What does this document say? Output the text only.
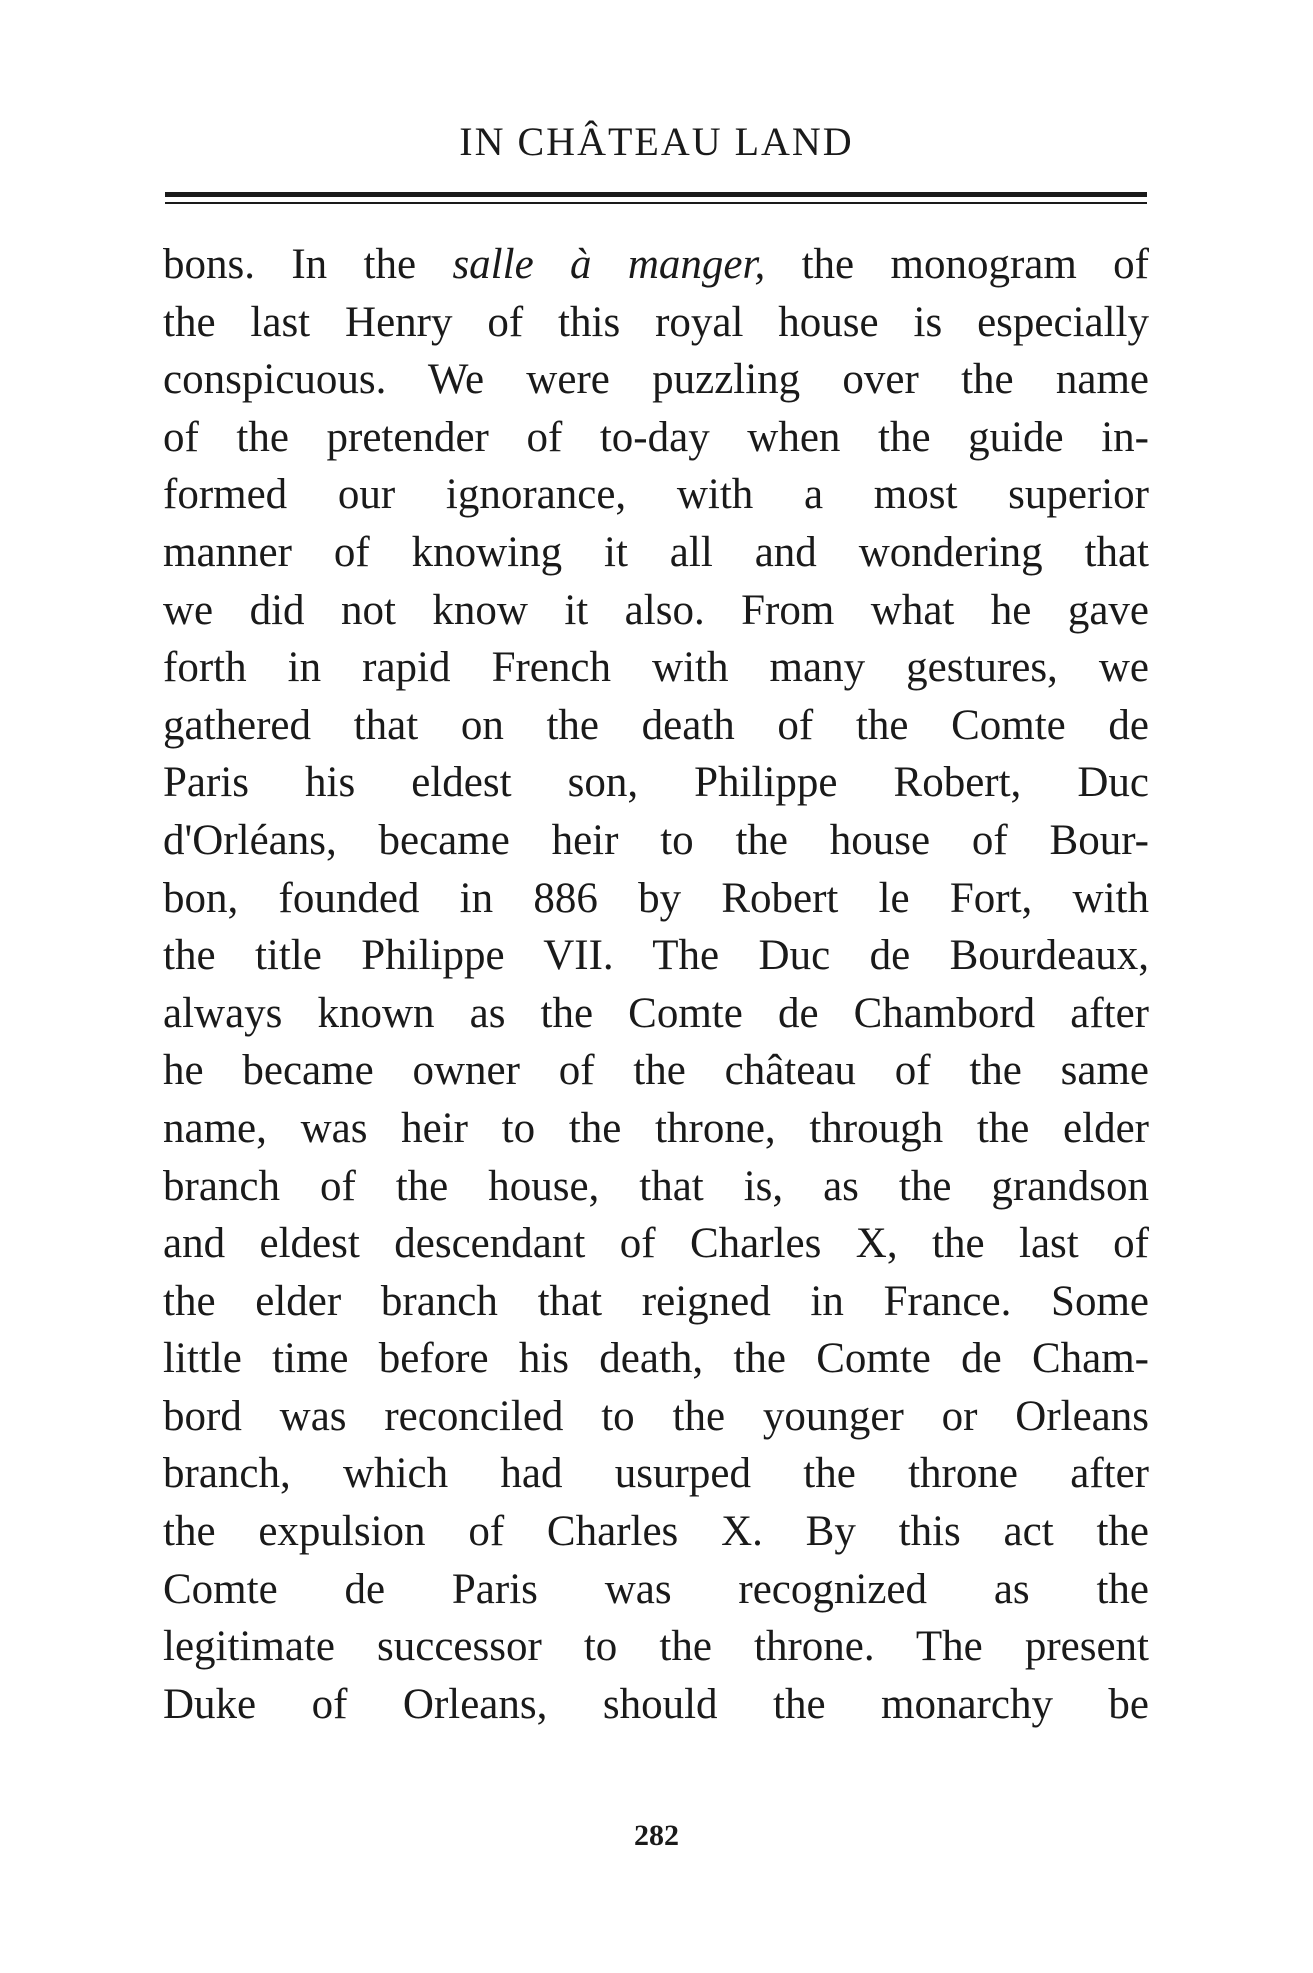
IN CHÂTEAU LAND
bons. In the salle à manger, the monogram of
the last Henry of this royal house is especially
conspicuous. We were puzzling over the name
of the pretender of to-day when the guide in-
formed our ignorance, with a most superior
manner of knowing it all and wondering that
we did not know it also. From what he gave
forth in rapid French with many gestures, we
gathered that on the death of the Comte de
Paris his eldest son, Philippe Robert, Duc
d'Orléans, became heir to the house of Bour-
bon, founded in 886 by Robert le Fort, with
the title Philippe VII. The Duc de Bourdeaux,
always known as the Comte de Chambord after
he became owner of the château of the same
name, was heir to the throne, through the elder
branch of the house, that is, as the grandson
and eldest descendant of Charles X, the last of
the elder branch that reigned in France. Some
little time before his death, the Comte de Cham-
bord was reconciled to the younger or Orleans
branch, which had usurped the throne after
the expulsion of Charles X. By this act the
Comte de Paris was recognized as the
legitimate successor to the throne. The present
Duke of Orleans, should the monarchy be
282
